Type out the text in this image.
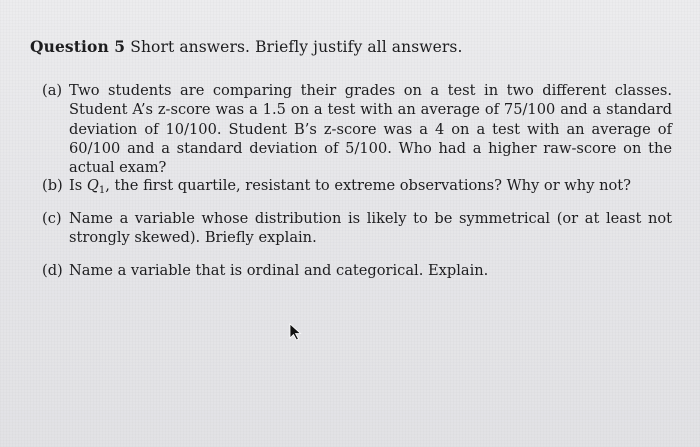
Question 5 Short answers. Briefly justify all answers.
(a) Two students are comparing their grades on a test in two different classes. Student A’s z-score was a 1.5 on a test with an average of 75/100 and a standard deviation of 10/100. Student B’s z-score was a 4 on a test with an average of 60/100 and a standard deviation of 5/100. Who had a higher raw-score on the actual exam?
(b) Is $Q_1$, the first quartile, resistant to extreme observations? Why or why not?
(c) Name a variable whose distribution is likely to be symmetrical (or at least not strongly skewed). Briefly explain.
(d) Name a variable that is ordinal and categorical. Explain.
